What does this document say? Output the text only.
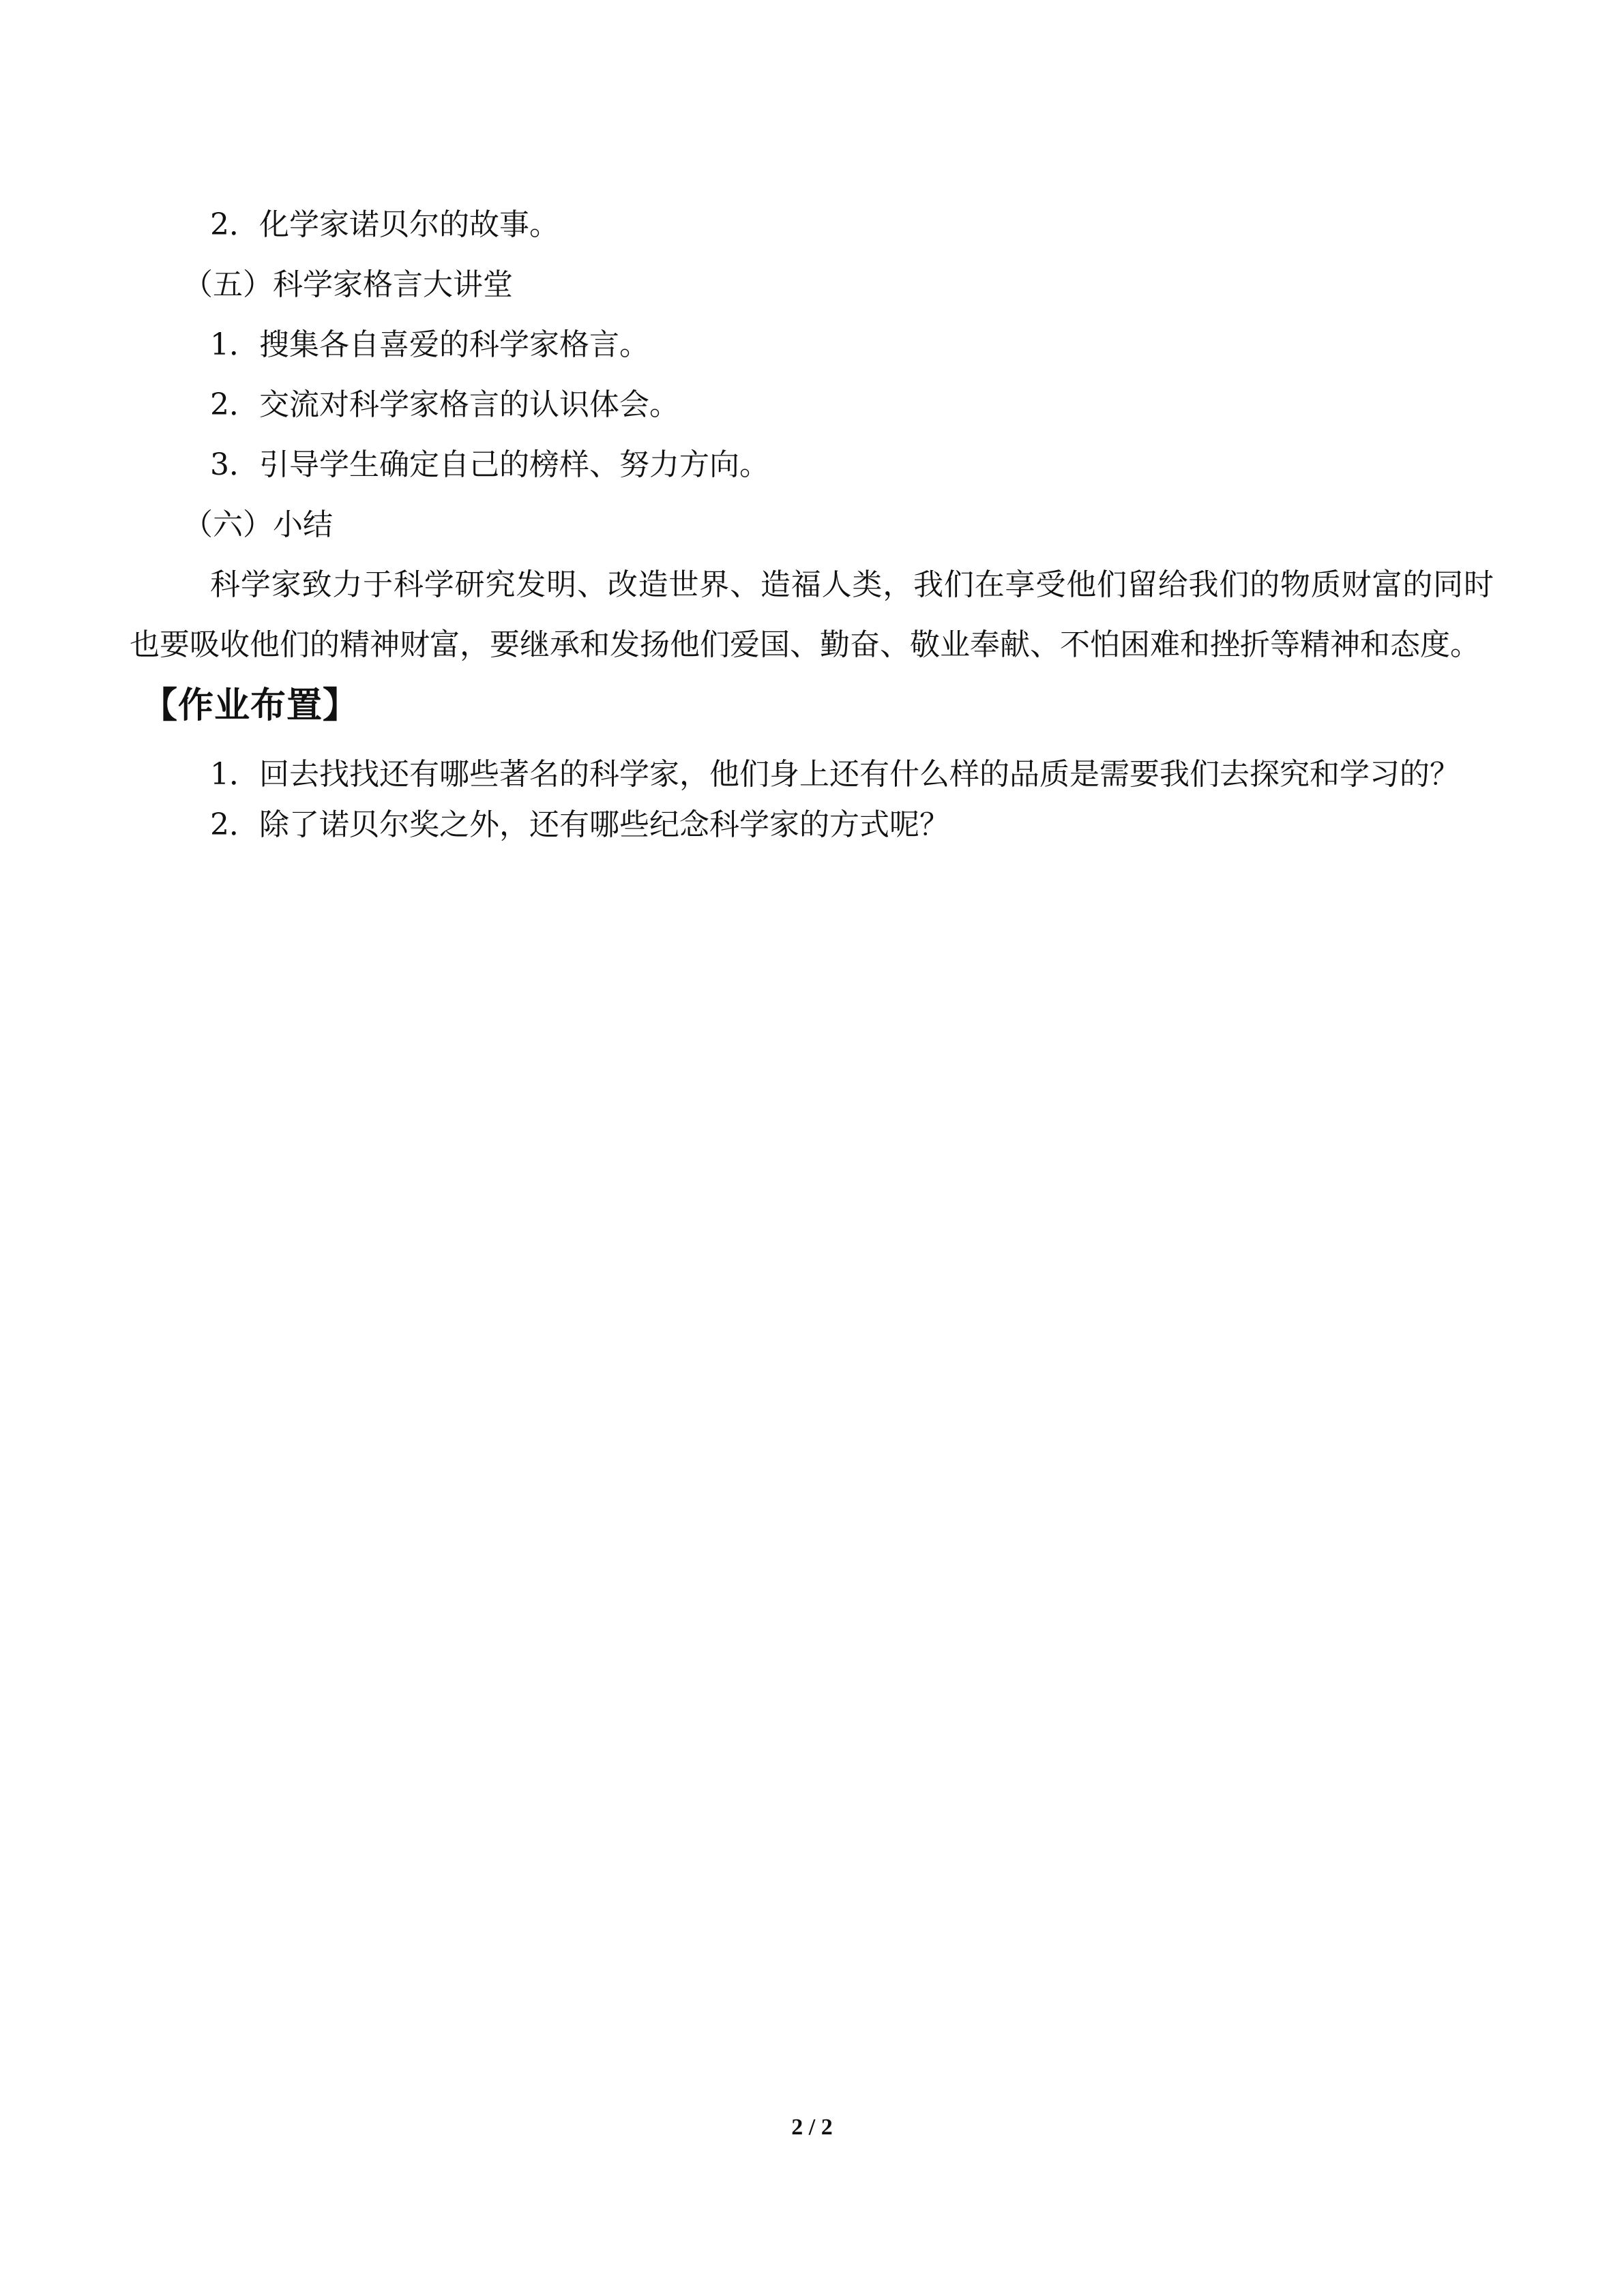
2．化学家诺贝尔的故事。
（五）科学家格言大讲堂
1．搜集各自喜爱的科学家格言。
2．交流对科学家格言的认识体会。
3．引导学生确定自己的榜样、努力方向。
（六）小结

科学家致力于科学研究发明、改造世界、造福人类，我们在享受他们留给我们的物质财富的同时也要吸收他们的精神财富，要继承和发扬他们爱国、勤奋、敬业奉献、不怕困难和挫折等精神和态度。

【作业布置】

1．回去找找还有哪些著名的科学家，他们身上还有什么样的品质是需要我们去探究和学习的？

2．除了诺贝尔奖之外，还有哪些纪念科学家的方式呢？

2 / 2
